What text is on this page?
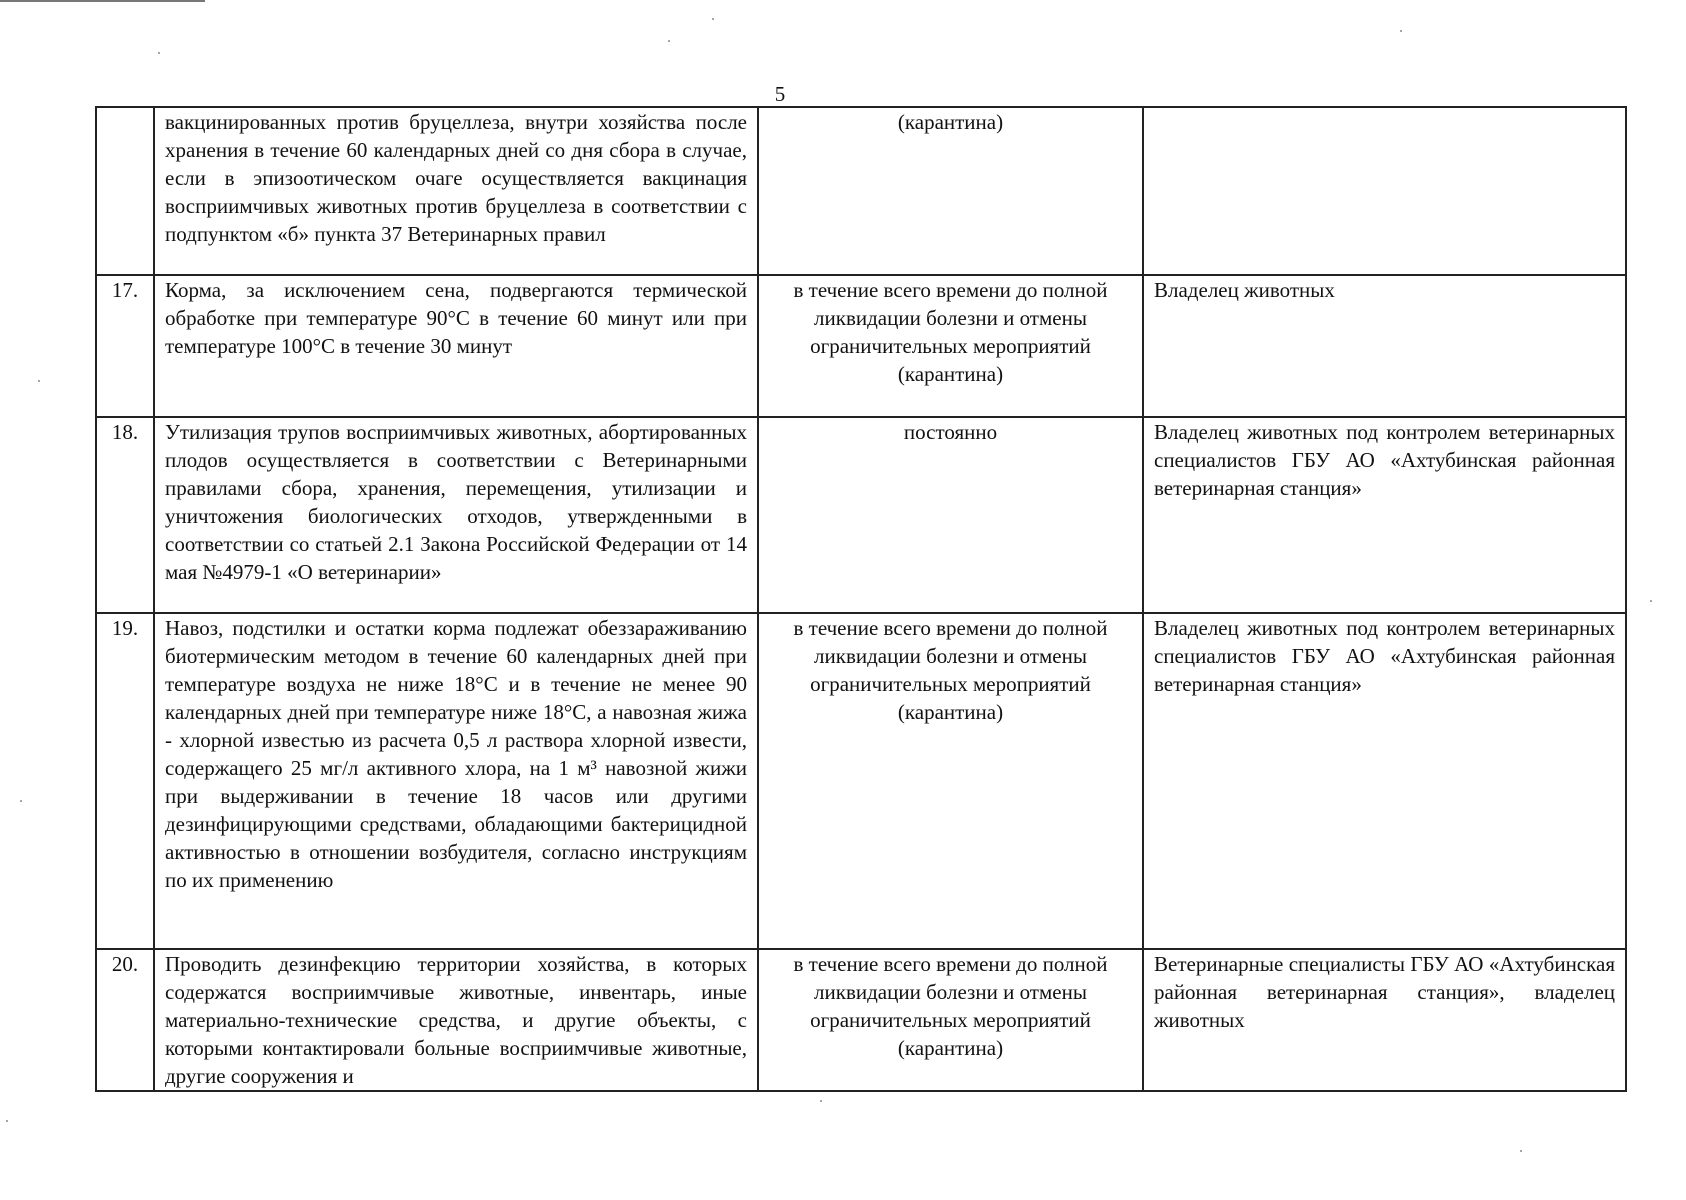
5
	вакцинированных против бруцеллеза, внутри хозяйства после хранения в течение 60 календарных дней со дня сбора в случае, если в эпизоотическом очаге осуществляется вакцинация восприимчивых животных против бруцеллеза в соответствии с подпунктом «б» пункта 37 Ветеринарных правил	(карантина)	
17.	Корма, за исключением сена, подвергаются термической обработке при температуре 90°С в течение 60 минут или при температуре 100°С в течение 30 минут	в течение всего времени до полной ликвидации болезни и отмены ограничительных мероприятий (карантина)	Владелец животных
18.	Утилизация трупов восприимчивых животных, абортированных плодов осуществляется в соответствии с Ветеринарными правилами сбора, хранения, перемещения, утилизации и уничтожения биологических отходов, утвержденными в соответствии со статьей 2.1 Закона Российской Федерации от 14 мая №4979-1 «О ветеринарии»	постоянно	Владелец животных под контролем ветеринарных специалистов ГБУ АО «Ахтубинская районная ветеринарная станция»
19.	Навоз, подстилки и остатки корма подлежат обеззараживанию биотермическим методом в течение 60 календарных дней при температуре воздуха не ниже 18°С и в течение не менее 90 календарных дней при температуре ниже 18°С, а навозная жижа - хлорной известью из расчета 0,5 л раствора хлорной извести, содержащего 25 мг/л активного хлора, на 1 м³ навозной жижи при выдерживании в течение 18 часов или другими дезинфицирующими средствами, обладающими бактерицидной активностью в отношении возбудителя, согласно инструкциям по их применению	в течение всего времени до полной ликвидации болезни и отмены ограничительных мероприятий (карантина)	Владелец животных под контролем ветеринарных специалистов ГБУ АО «Ахтубинская районная ветеринарная станция»
20.	Проводить дезинфекцию территории хозяйства, в которых содержатся восприимчивые животные, инвентарь, иные материально-технические средства, и другие объекты, с которыми контактировали больные восприимчивые животные, другие сооружения и	в течение всего времени до полной ликвидации болезни и отмены ограничительных мероприятий (карантина)	Ветеринарные специалисты ГБУ АО «Ахтубинская районная ветеринарная станция», владелец животных
